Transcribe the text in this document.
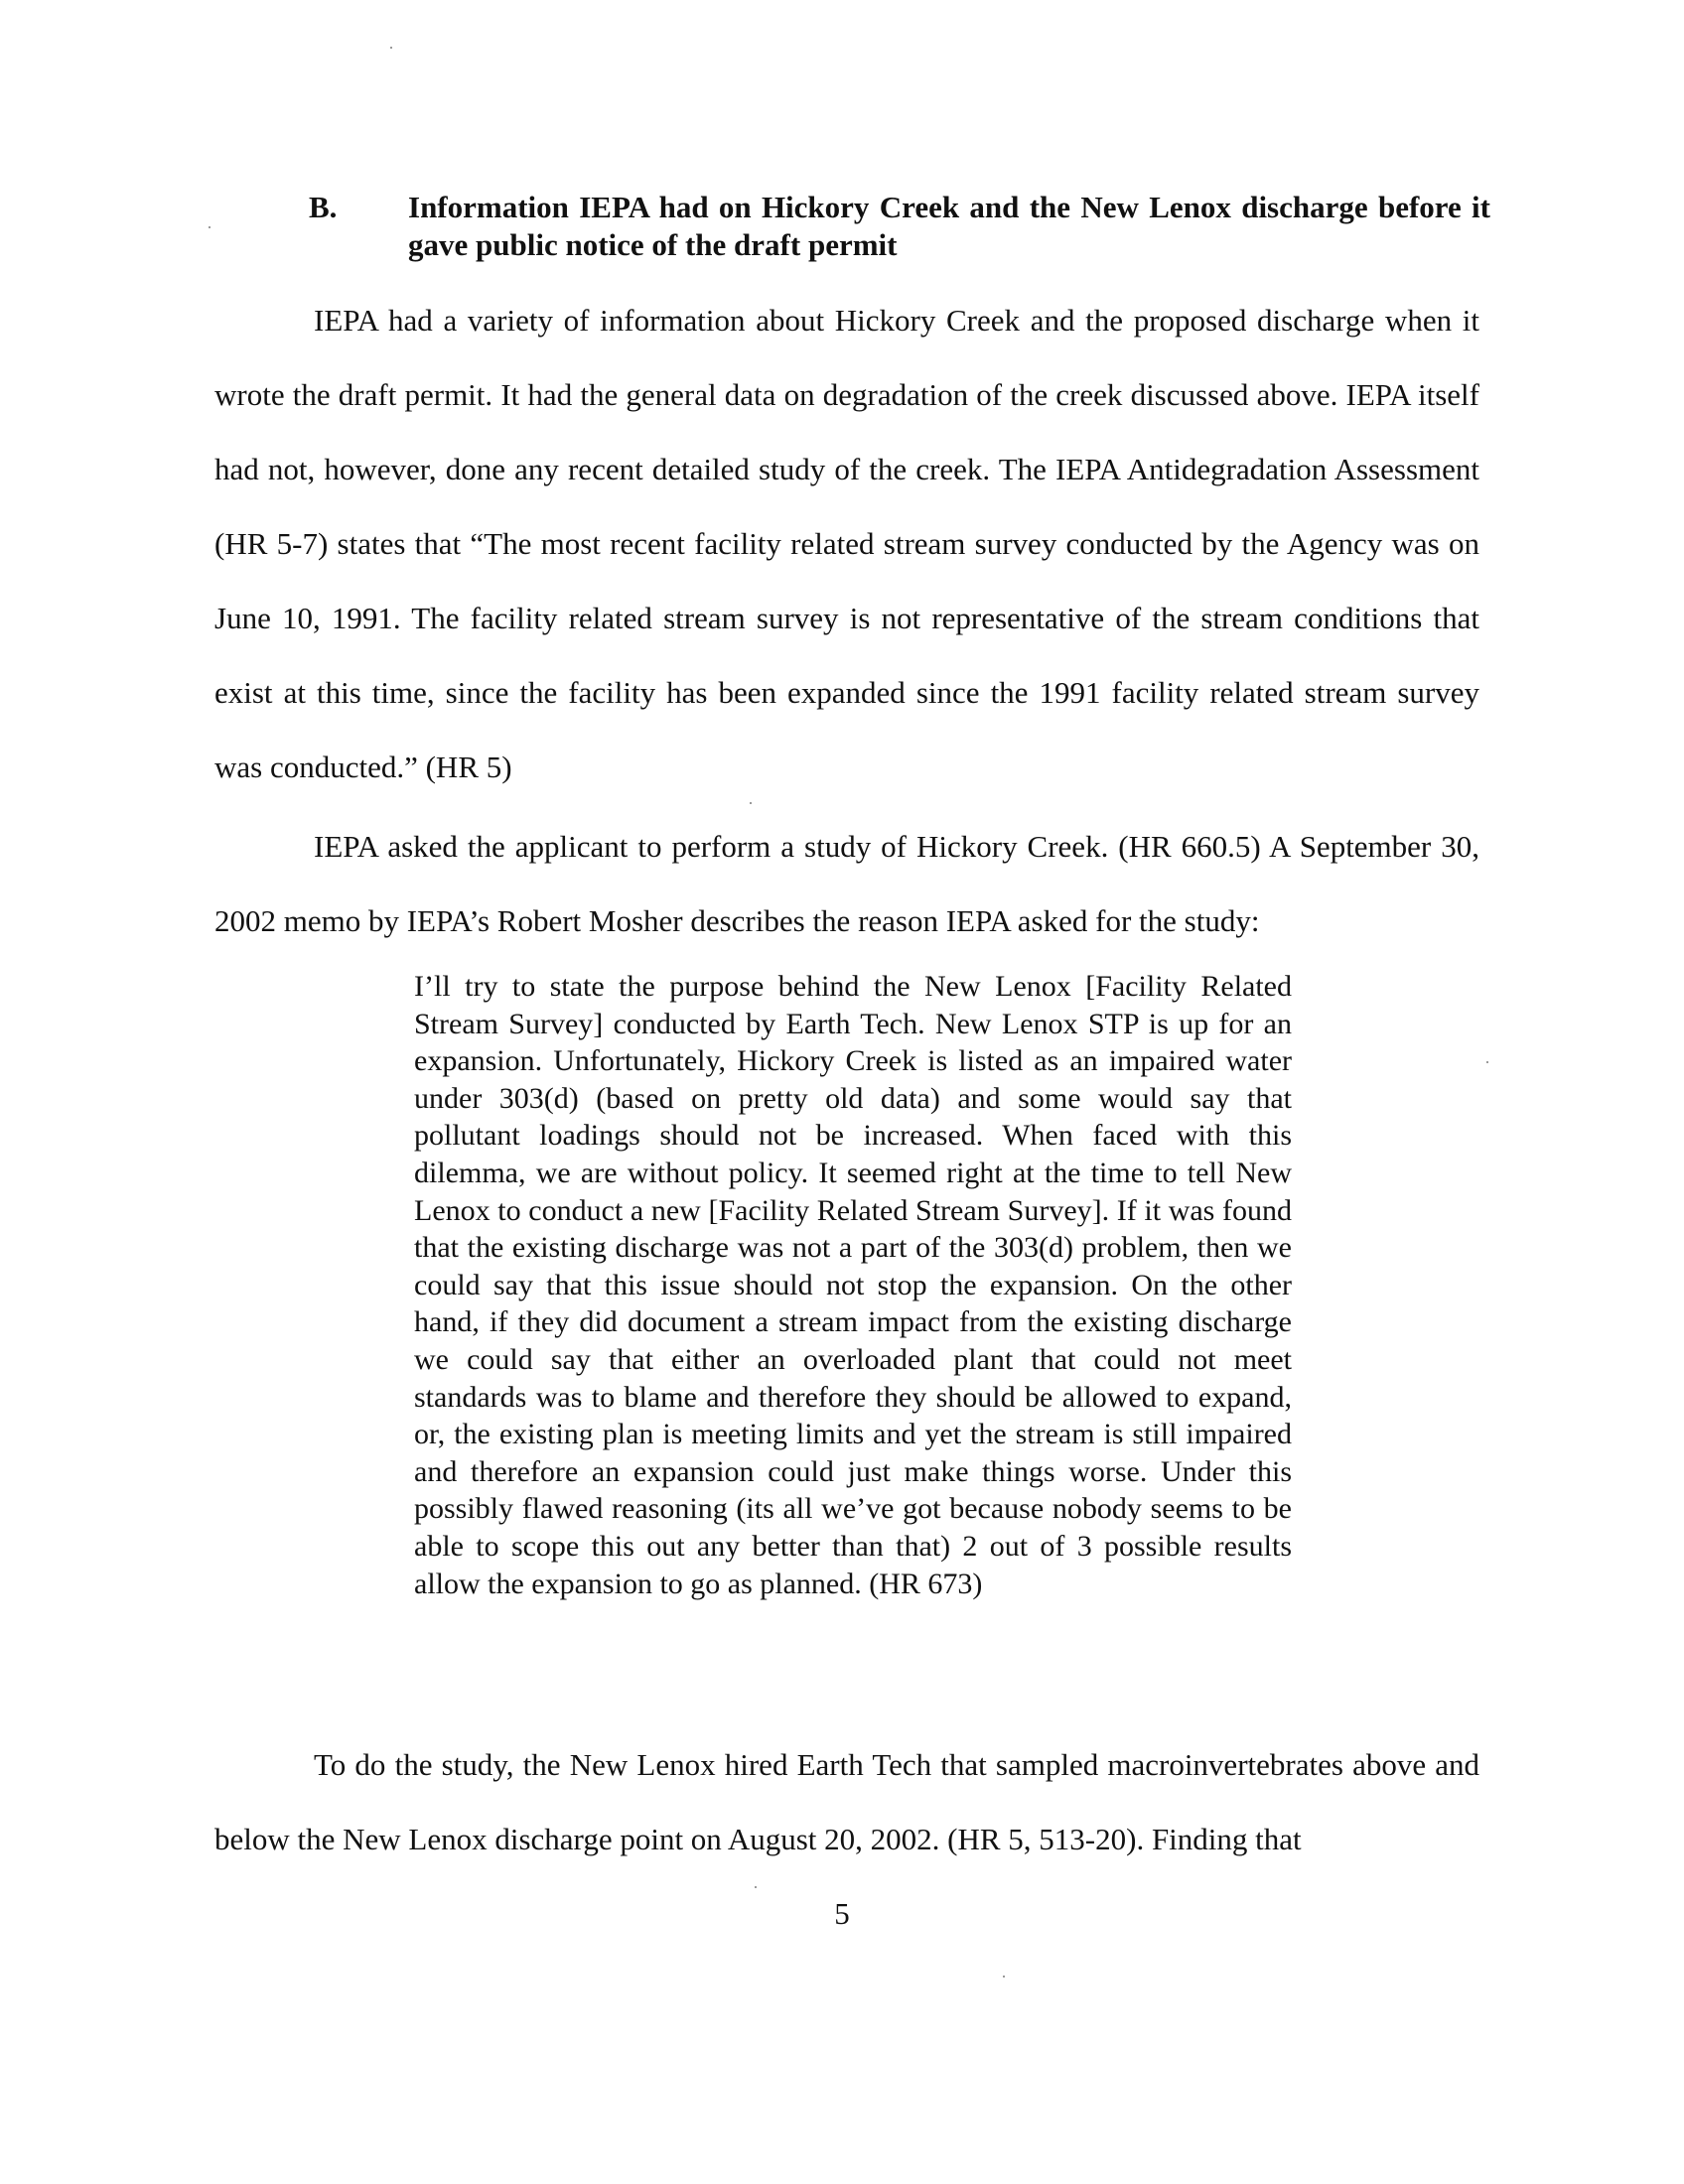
B. Information IEPA had on Hickory Creek and the New Lenox discharge before it gave public notice of the draft permit

IEPA had a variety of information about Hickory Creek and the proposed discharge when it wrote the draft permit. It had the general data on degradation of the creek discussed above. IEPA itself had not, however, done any recent detailed study of the creek. The IEPA Antidegradation Assessment (HR 5-7) states that “The most recent facility related stream survey conducted by the Agency was on June 10, 1991. The facility related stream survey is not representative of the stream conditions that exist at this time, since the facility has been expanded since the 1991 facility related stream survey was conducted.” (HR 5)

IEPA asked the applicant to perform a study of Hickory Creek. (HR 660.5) A September 30, 2002 memo by IEPA’s Robert Mosher describes the reason IEPA asked for the study:

I’ll try to state the purpose behind the New Lenox [Facility Related Stream Survey] conducted by Earth Tech. New Lenox STP is up for an expansion. Unfortunately, Hickory Creek is listed as an impaired water under 303(d) (based on pretty old data) and some would say that pollutant loadings should not be increased. When faced with this dilemma, we are without policy. It seemed right at the time to tell New Lenox to conduct a new [Facility Related Stream Survey]. If it was found that the existing discharge was not a part of the 303(d) problem, then we could say that this issue should not stop the expansion. On the other hand, if they did document a stream impact from the existing discharge we could say that either an overloaded plant that could not meet standards was to blame and therefore they should be allowed to expand, or, the existing plan is meeting limits and yet the stream is still impaired and therefore an expansion could just make things worse. Under this possibly flawed reasoning (its all we’ve got because nobody seems to be able to scope this out any better than that) 2 out of 3 possible results allow the expansion to go as planned. (HR 673)

To do the study, the New Lenox hired Earth Tech that sampled macroinvertebrates above and below the New Lenox discharge point on August 20, 2002. (HR 5, 513-20). Finding that

5
